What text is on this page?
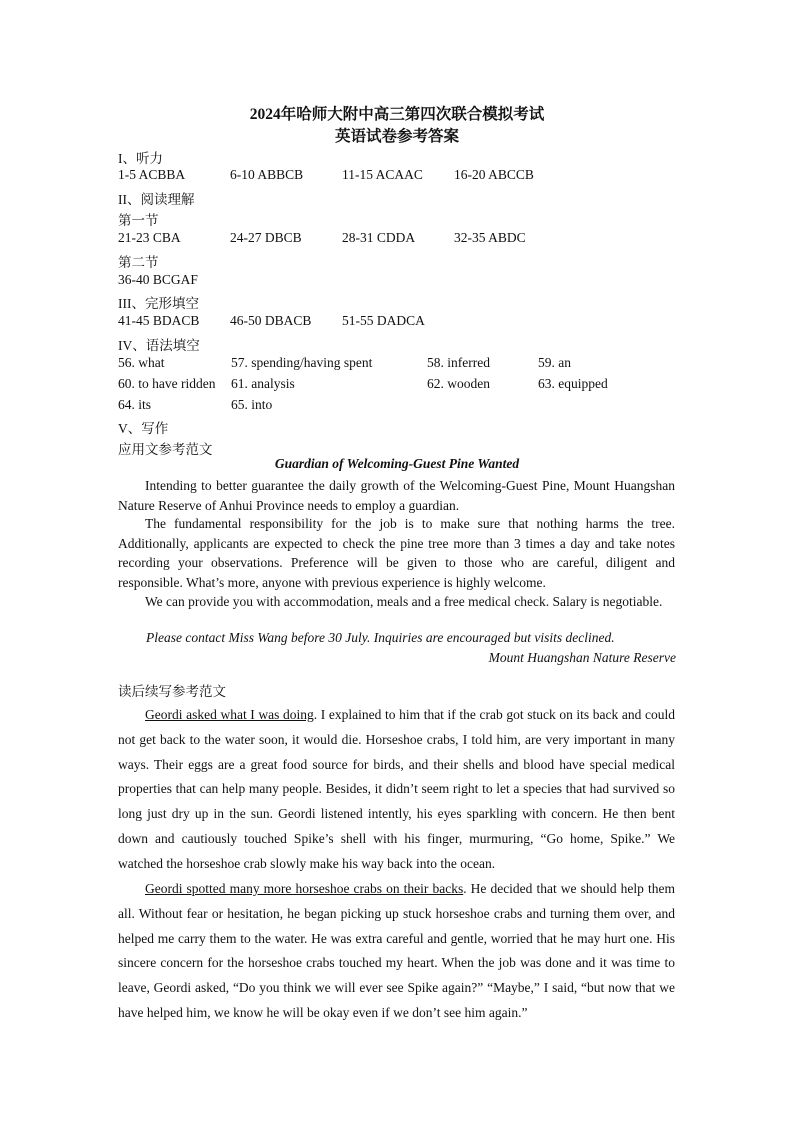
2024年哈师大附中高三第四次联合模拟考试
英语试卷参考答案
I、听力
1-5 ACBBA	6-10 ABBCB	11-15 ACAAC 16-20 ABCCB
II、阅读理解
第一节
21-23 CBA	24-27 DBCB	28-31 CDDA	32-35 ABDC
第二节
36-40 BCGAF
III、完形填空
41-45 BDACB 46-50 DBACB 51-55 DADCA
IV、语法填空
56. what	57. spending/having spent	58. inferred	59. an
60. to have ridden 61. analysis	62. wooden	63. equipped
64. its	65. into
V、写作
应用文参考范文
Guardian of Welcoming-Guest Pine Wanted
Intending to better guarantee the daily growth of the Welcoming-Guest Pine, Mount Huangshan Nature Reserve of Anhui Province needs to employ a guardian.
The fundamental responsibility for the job is to make sure that nothing harms the tree. Additionally, applicants are expected to check the pine tree more than 3 times a day and take notes recording your observations. Preference will be given to those who are careful, diligent and responsible. What’s more, anyone with previous experience is highly welcome.
We can provide you with accommodation, meals and a free medical check. Salary is negotiable.
Please contact Miss Wang before 30 July. Inquiries are encouraged but visits declined.
Mount Huangshan Nature Reserve
读后续写参考范文
Geordi asked what I was doing. I explained to him that if the crab got stuck on its back and could not get back to the water soon, it would die. Horseshoe crabs, I told him, are very important in many ways. Their eggs are a great food source for birds, and their shells and blood have special medical properties that can help many people. Besides, it didn’t seem right to let a species that had survived so long just dry up in the sun. Geordi listened intently, his eyes sparkling with concern. He then bent down and cautiously touched Spike’s shell with his finger, murmuring, “Go home, Spike.” We watched the horseshoe crab slowly make his way back into the ocean.
Geordi spotted many more horseshoe crabs on their backs. He decided that we should help them all. Without fear or hesitation, he began picking up stuck horseshoe crabs and turning them over, and helped me carry them to the water. He was extra careful and gentle, worried that he may hurt one. His sincere concern for the horseshoe crabs touched my heart. When the job was done and it was time to leave, Geordi asked, “Do you think we will ever see Spike again?” “Maybe,” I said, “but now that we have helped him, we know he will be okay even if we don’t see him again.”
